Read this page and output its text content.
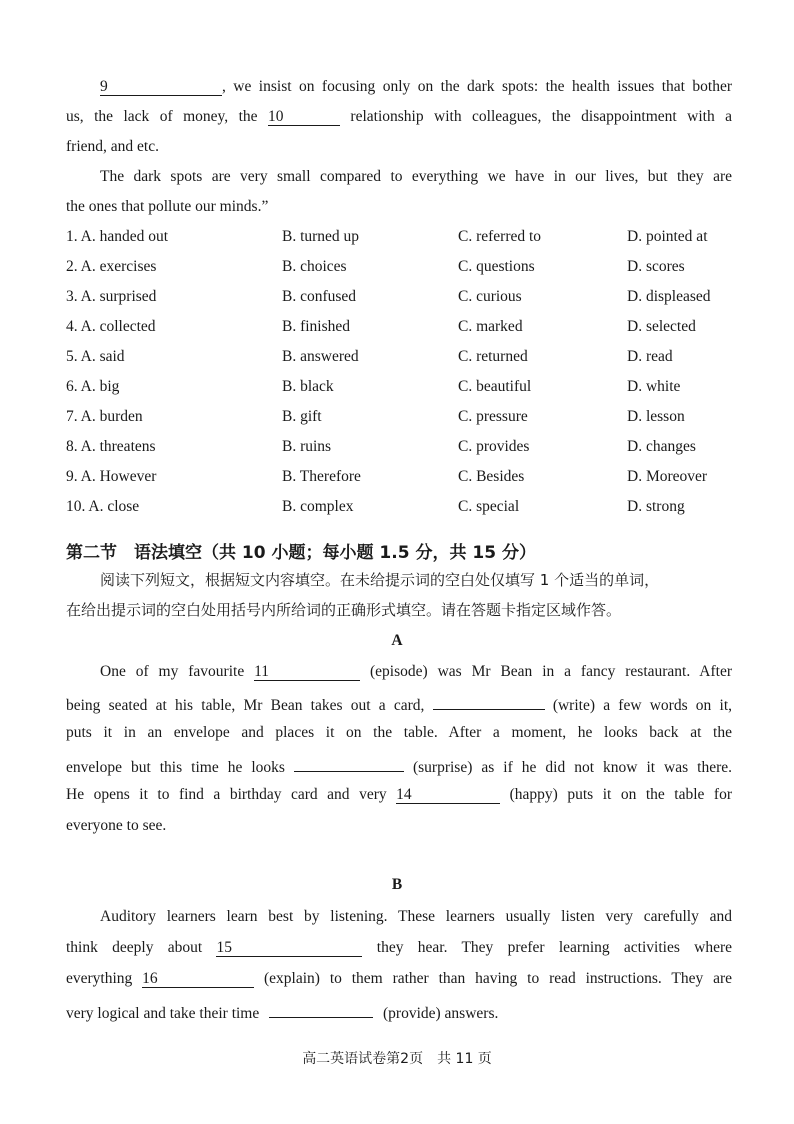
9	, we insist on focusing only on the dark spots: the health issues that bother
us, the lack of money, the 10	relationship with colleagues, the disappointment with a
friend, and etc.
The dark spots are very small compared to everything we have in our lives, but they are
the ones that pollute our minds.”
1. A. handed out	B. turned up	C. referred to	D. pointed at
2. A. exercises	B. choices	C. questions	D. scores
3. A. surprised	B. confused	C. curious	D. displeased
4. A. collected	B. finished	C. marked	D. selected
5. A. said	B. answered	C. returned	D. read
6. A. big	B. black	C. beautiful	D. white
7. A. burden	B. gift	C. pressure	D. lesson
8. A. threatens	B. ruins	C. provides	D. changes
9. A. However	B. Therefore	C. Besides	D. Moreover
10. A. close	B. complex	C. special	D. strong
第二节　语法填空（共 10 小题；每小题 1.5 分，共 15 分）
阅读下列短文，根据短文内容填空。在未给提示词的空白处仅填写 1 个适当的单词，
在给出提示词的空白处用括号内所给词的正确形式填空。请在答题卡指定区域作答。
A
One of my favourite 11	(episode) was Mr Bean in a fancy restaurant. After
being seated at his table, Mr Bean takes out a card,	(write) a few words on it,
puts it in an envelope and places it on the table. After a moment, he looks back at the
envelope but this time he looks	(surprise) as if he did not know it was there.
He opens it to find a birthday card and very 14	(happy) puts it on the table for
everyone to see.
B
Auditory learners learn best by listening. These learners usually listen very carefully and
think deeply about 15	they hear. They prefer learning activities where
everything 16	(explain) to them rather than having to read instructions. They are
very logical and take their time	(provide) answers.
高二英语试卷第2页　共 11 页
